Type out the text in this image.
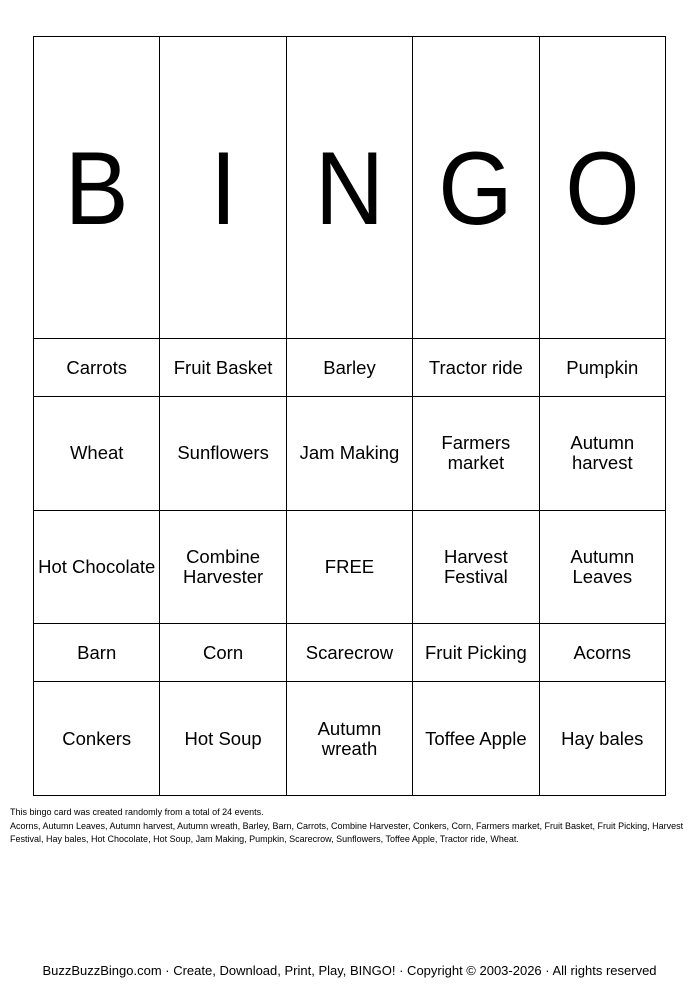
B	I	N	G	O
Carrots	Fruit Basket	Barley	Tractor ride	Pumpkin
Wheat	Sunflowers	Jam Making	Farmers market	Autumn harvest
Hot Chocolate	Combine Harvester	FREE	Harvest Festival	Autumn Leaves
Barn	Corn	Scarecrow	Fruit Picking	Acorns
Conkers	Hot Soup	Autumn wreath	Toffee Apple	Hay bales
This bingo card was created randomly from a total of 24 events.
Acorns, Autumn Leaves, Autumn harvest, Autumn wreath, Barley, Barn, Carrots, Combine Harvester, Conkers, Corn, Farmers market, Fruit Basket, Fruit Picking, Harvest Festival, Hay bales, Hot Chocolate, Hot Soup, Jam Making, Pumpkin, Scarecrow, Sunflowers, Toffee Apple, Tractor ride, Wheat.
BuzzBuzzBingo.com · Create, Download, Print, Play, BINGO! · Copyright © 2003-2026 · All rights reserved
